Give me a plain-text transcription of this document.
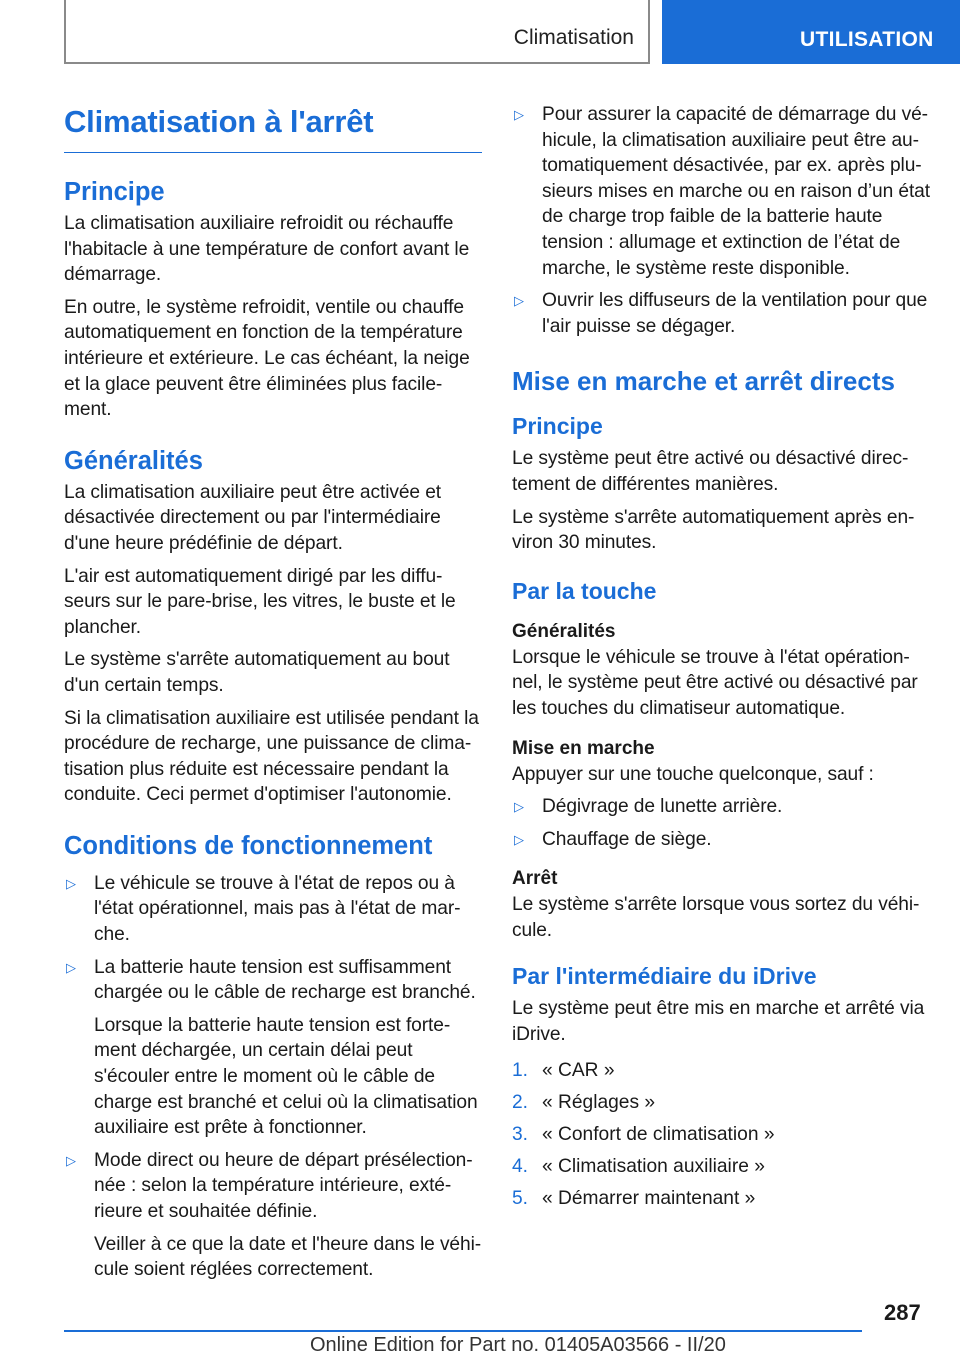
Climatisation	UTILISATION
Climatisation à l'arrêt
Principe
La climatisation auxiliaire refroidit ou réchauffe l'habitacle à une température de confort avant le démarrage.
En outre, le système refroidit, ventile ou chauffe automatiquement en fonction de la température intérieure et extérieure. Le cas échéant, la neige et la glace peuvent être éliminées plus facilement.
Généralités
La climatisation auxiliaire peut être activée et désactivée directement ou par l'intermédiaire d'une heure prédéfinie de départ.
L'air est automatiquement dirigé par les diffuseurs sur le pare-brise, les vitres, le buste et le plancher.
Le système s'arrête automatiquement au bout d'un certain temps.
Si la climatisation auxiliaire est utilisée pendant la procédure de recharge, une puissance de climatisation plus réduite est nécessaire pendant la conduite. Ceci permet d'optimiser l'autonomie.
Conditions de fonctionnement
▷ Le véhicule se trouve à l'état de repos ou à l'état opérationnel, mais pas à l'état de marche.
▷ La batterie haute tension est suffisamment chargée ou le câble de recharge est branché.
Lorsque la batterie haute tension est fortement déchargée, un certain délai peut s'écouler entre le moment où le câble de charge est branché et celui où la climatisation auxiliaire est prête à fonctionner.
▷ Mode direct ou heure de départ présélectionnée : selon la température intérieure, extérieure et souhaitée définie.
Veiller à ce que la date et l'heure dans le véhicule soient réglées correctement.
▷ Pour assurer la capacité de démarrage du véhicule, la climatisation auxiliaire peut être automatiquement désactivée, par ex. après plusieurs mises en marche ou en raison d’un état de charge trop faible de la batterie haute tension : allumage et extinction de l’état de marche, le système reste disponible.
▷ Ouvrir les diffuseurs de la ventilation pour que l'air puisse se dégager.
Mise en marche et arrêt directs
Principe
Le système peut être activé ou désactivé directement de différentes manières.
Le système s'arrête automatiquement après environ 30 minutes.
Par la touche
Généralités
Lorsque le véhicule se trouve à l'état opérationnel, le système peut être activé ou désactivé par les touches du climatiseur automatique.
Mise en marche
Appuyer sur une touche quelconque, sauf :
▷ Dégivrage de lunette arrière.
▷ Chauffage de siège.
Arrêt
Le système s'arrête lorsque vous sortez du véhicule.
Par l'intermédiaire du iDrive
Le système peut être mis en marche et arrêté via iDrive.
1. « CAR »
2. « Réglages »
3. « Confort de climatisation »
4. « Climatisation auxiliaire »
5. « Démarrer maintenant »
287
Online Edition for Part no. 01405A03566 - II/20
